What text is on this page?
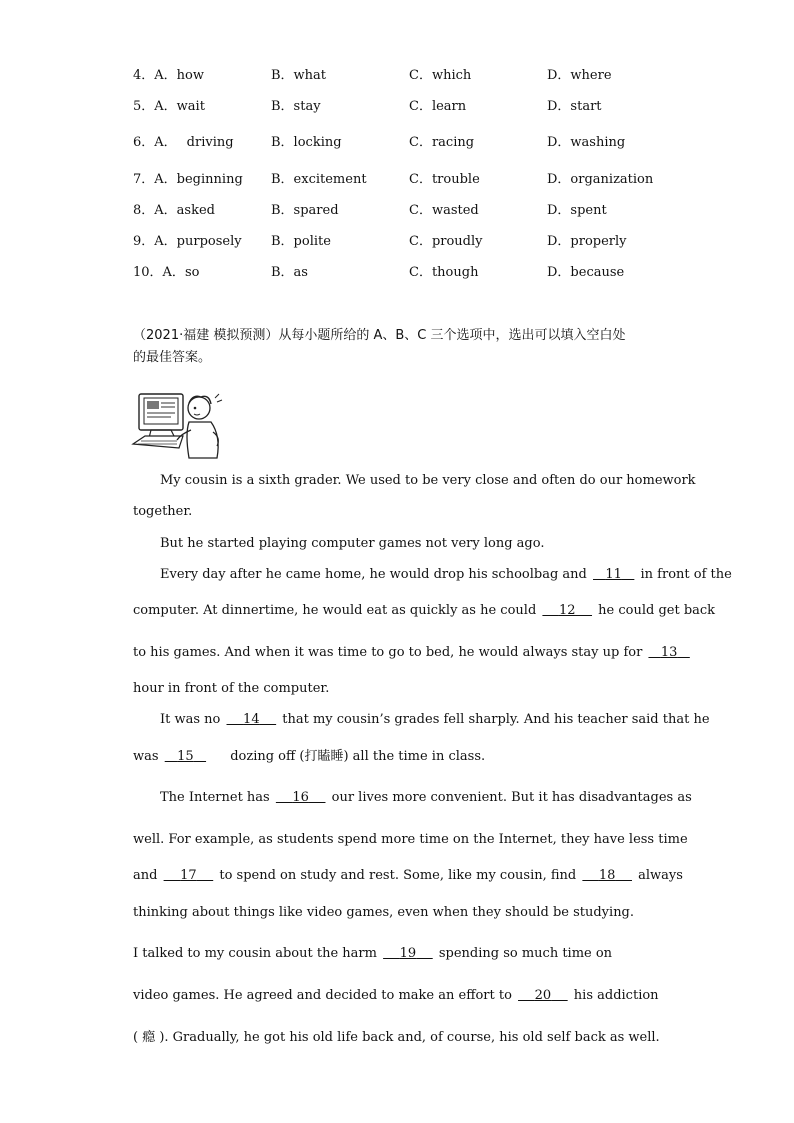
4．A．how	B．what	C．which	D．where
5．A．wait	B．stay	C．learn	D．start
6．A． driving	B．locking	C．racing	D．washing
7．A．beginning B．excitement	C．trouble	D．organization
8．A．asked	B．spared	C．wasted	D．spent
9．A．purposely B．polite	C．proudly	D．properly
10．A．so	B．as	C．though	D．because
（2021·福建 模拟预测）从每小题所给的 A、B、C 三个选项中，选出可以填入空白处
的最佳答案。
My cousin is a sixth grader. We used to be very close and often do our homework
together.
But he started playing computer games not very long ago.
Every day after he came home, he would drop his schoolbag and 11 in front of the
computer. At dinnertime, he would eat as quickly as he could 12 he could get back
to his games. And when it was time to go to bed, he would always stay up for 13
hour in front of the computer.
It was no 14 that my cousin’s grades fell sharply. And his teacher said that he
was 15	dozing off (打瞌睡) all the time in class.
The Internet has 16 our lives more convenient. But it has disadvantages as
well. For example, as students spend more time on the Internet, they have less time
and 17 to spend on study and rest. Some, like my cousin, find 18 always
thinking about things like video games, even when they should be studying.
I talked to my cousin about the harm 19 spending so much time on
video games. He agreed and decided to make an effort to 20 his addiction
( 瘾 ). Gradually, he got his old life back and, of course, his old self back as well.
